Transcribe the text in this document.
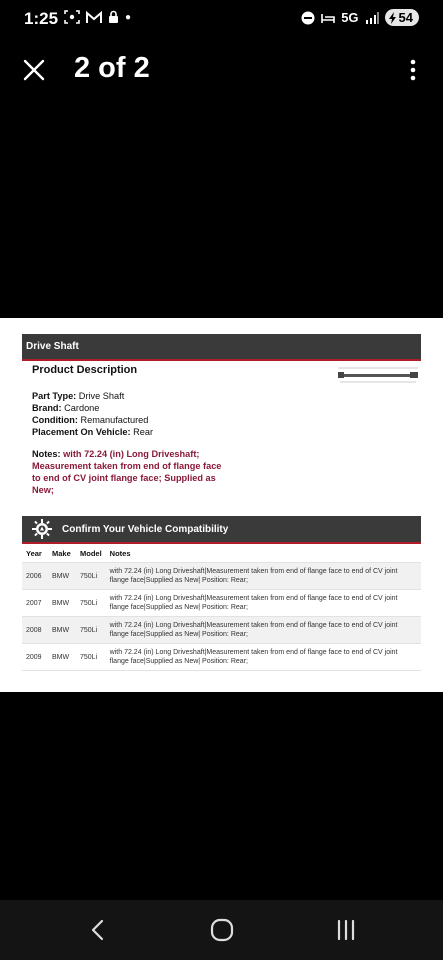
1:25	●	5G	54
2 of 2
Drive Shaft
Product Description
Part Type: Drive Shaft
Brand: Cardone
Condition: Remanufactured
Placement On Vehicle: Rear
Notes: with 72.24 (in) Long Driveshaft; Measurement taken from end of flange face to end of CV joint flange face; Supplied as New;
Confirm Your Vehicle Compatibility
Year	Make	Model	Notes
2006	BMW	750Li	with 72.24 (in) Long Driveshaft|Measurement taken from end of flange face to end of CV joint flange face|Supplied as New| Position: Rear;
2007	BMW	750Li	with 72.24 (in) Long Driveshaft|Measurement taken from end of flange face to end of CV joint flange face|Supplied as New| Position: Rear;
2008	BMW	750Li	with 72.24 (in) Long Driveshaft|Measurement taken from end of flange face to end of CV joint flange face|Supplied as New| Position: Rear;
2009	BMW	750Li	with 72.24 (in) Long Driveshaft|Measurement taken from end of flange face to end of CV joint flange face|Supplied as New| Position: Rear;
